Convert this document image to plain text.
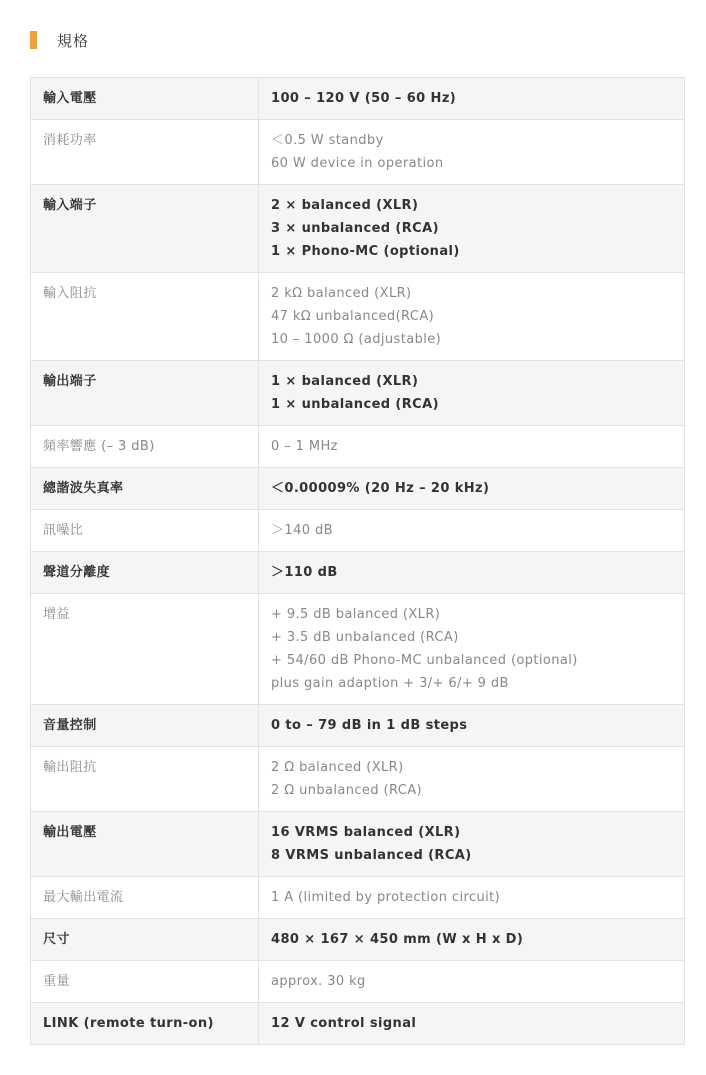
規格
輸入電壓	100 – 120 V (50 – 60 Hz)

消耗功率	＜0.5 W standby
60 W device in operation

輸入端子	2 × balanced (XLR)
3 × unbalanced (RCA)
1 × Phono-MC (optional)

輸入阻抗	2 kΩ balanced (XLR)
47 kΩ unbalanced(RCA)
10 – 1000 Ω (adjustable)

輸出端子	1 × balanced (XLR)
1 × unbalanced (RCA)

頻率響應 (– 3 dB)	0 – 1 MHz

總諧波失真率	＜0.00009% (20 Hz – 20 kHz)

訊噪比	＞140 dB

聲道分離度	＞110 dB

增益	+ 9.5 dB balanced (XLR)
+ 3.5 dB unbalanced (RCA)
+ 54/60 dB Phono-MC unbalanced (optional)
plus gain adaption + 3/+ 6/+ 9 dB

音量控制	0 to – 79 dB in 1 dB steps

輸出阻抗	2 Ω balanced (XLR)
2 Ω unbalanced (RCA)

輸出電壓	16 VRMS balanced (XLR)
8 VRMS unbalanced (RCA)

最大輸出電流	1 A (limited by protection circuit)

尺寸	480 × 167 × 450 mm (W x H x D)

重量	approx. 30 kg

LINK (remote turn-on)	12 V control signal
